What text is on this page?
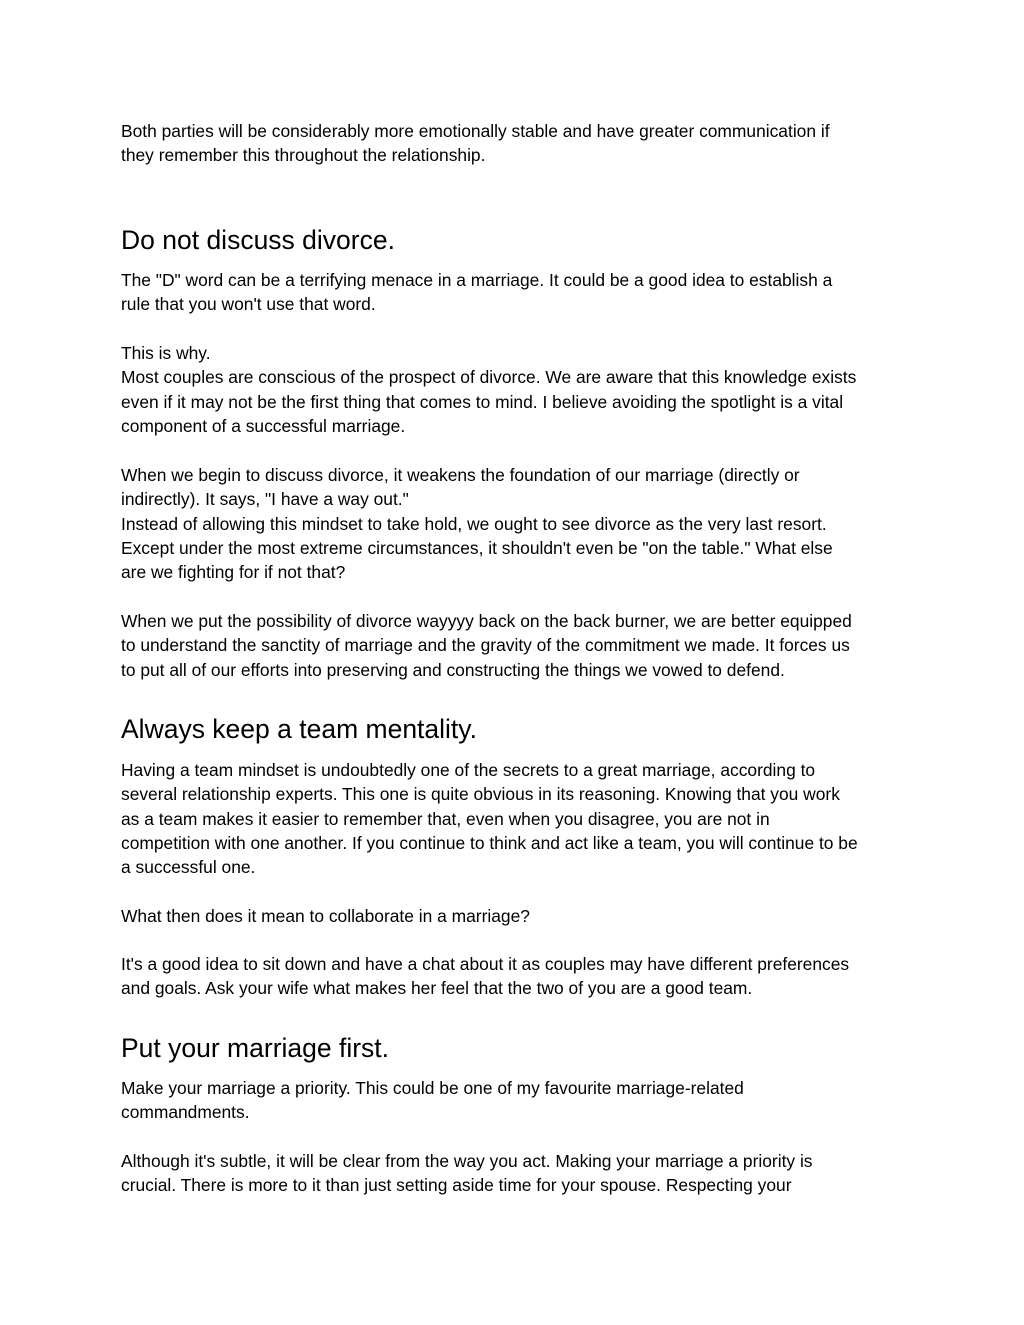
Both parties will be considerably more emotionally stable and have greater communication if
they remember this throughout the relationship.
Do not discuss divorce.
The "D" word can be a terrifying menace in a marriage. It could be a good idea to establish a
rule that you won't use that word.
This is why.
Most couples are conscious of the prospect of divorce. We are aware that this knowledge exists
even if it may not be the first thing that comes to mind. I believe avoiding the spotlight is a vital
component of a successful marriage.
When we begin to discuss divorce, it weakens the foundation of our marriage (directly or
indirectly). It says, "I have a way out."
Instead of allowing this mindset to take hold, we ought to see divorce as the very last resort.
Except under the most extreme circumstances, it shouldn't even be "on the table." What else
are we fighting for if not that?
When we put the possibility of divorce wayyyy back on the back burner, we are better equipped
to understand the sanctity of marriage and the gravity of the commitment we made. It forces us
to put all of our efforts into preserving and constructing the things we vowed to defend.
Always keep a team mentality.
Having a team mindset is undoubtedly one of the secrets to a great marriage, according to
several relationship experts. This one is quite obvious in its reasoning. Knowing that you work
as a team makes it easier to remember that, even when you disagree, you are not in
competition with one another. If you continue to think and act like a team, you will continue to be
a successful one.
What then does it mean to collaborate in a marriage?
It's a good idea to sit down and have a chat about it as couples may have different preferences
and goals. Ask your wife what makes her feel that the two of you are a good team.
Put your marriage first.
Make your marriage a priority. This could be one of my favourite marriage-related
commandments.
Although it's subtle, it will be clear from the way you act. Making your marriage a priority is
crucial. There is more to it than just setting aside time for your spouse. Respecting your
